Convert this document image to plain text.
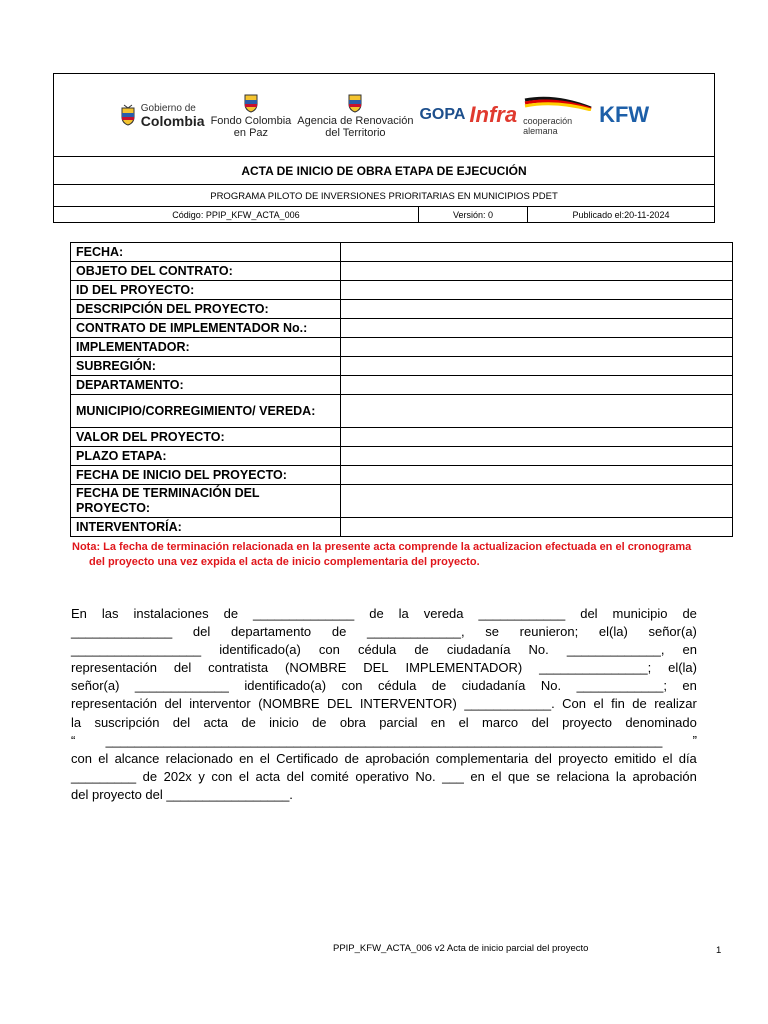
Gobierno de
Colombia Fondo Colombia
en Paz
Agencia de Renovación
del Territorio
GOPA Infra cooperación
alemana
KFW
ACTA DE INICIO DE OBRA ETAPA DE EJECUCIÓN
PROGRAMA PILOTO DE INVERSIONES PRIORITARIAS EN MUNICIPIOS PDET
Código: PPIP_KFW_ACTA_006	Versión: 0	Publicado el:20-11-2024
FECHA:	
OBJETO DEL CONTRATO:	
ID DEL PROYECTO:	
DESCRIPCIÓN DEL PROYECTO:	
CONTRATO DE IMPLEMENTADOR No.:	
IMPLEMENTADOR:	
SUBREGIÓN:	
DEPARTAMENTO:	
MUNICIPIO/CORREGIMIENTO/ VEREDA:	
VALOR DEL PROYECTO:	
PLAZO ETAPA:	
FECHA DE INICIO DEL PROYECTO:	
FECHA DE TERMINACIÓN DEL PROYECTO:	
INTERVENTORÍA:	
Nota: La fecha de terminación relacionada en la presente acta comprende la actualizacion efectuada en el cronograma
del proyecto una vez expida el acta de inicio complementaria del proyecto.
En las instalaciones de ______________ de la vereda ____________ del municipio de
______________ del departamento de _____________, se reunieron; el(la) señor(a)
__________________ identificado(a) con cédula de ciudadanía No. _____________, en
representación del contratista (NOMBRE DEL IMPLEMENTADOR) _______________; el(la)
señor(a) _____________ identificado(a) con cédula de ciudadanía No. ____________; en
representación del interventor (NOMBRE DEL INTERVENTOR) ____________. Con el fin de realizar
la suscripción del acta de inicio de obra parcial en el marco del proyecto denominado
“ _____________________________________________________________________________ ”
con el alcance relacionado en el Certificado de aprobación complementaria del proyecto emitido el día
_________ de 202x y con el acta del comité operativo No. ___ en el que se relaciona la aprobación
del proyecto del _________________.
PPIP_KFW_ACTA_006 v2 Acta de inicio parcial del proyecto	1
